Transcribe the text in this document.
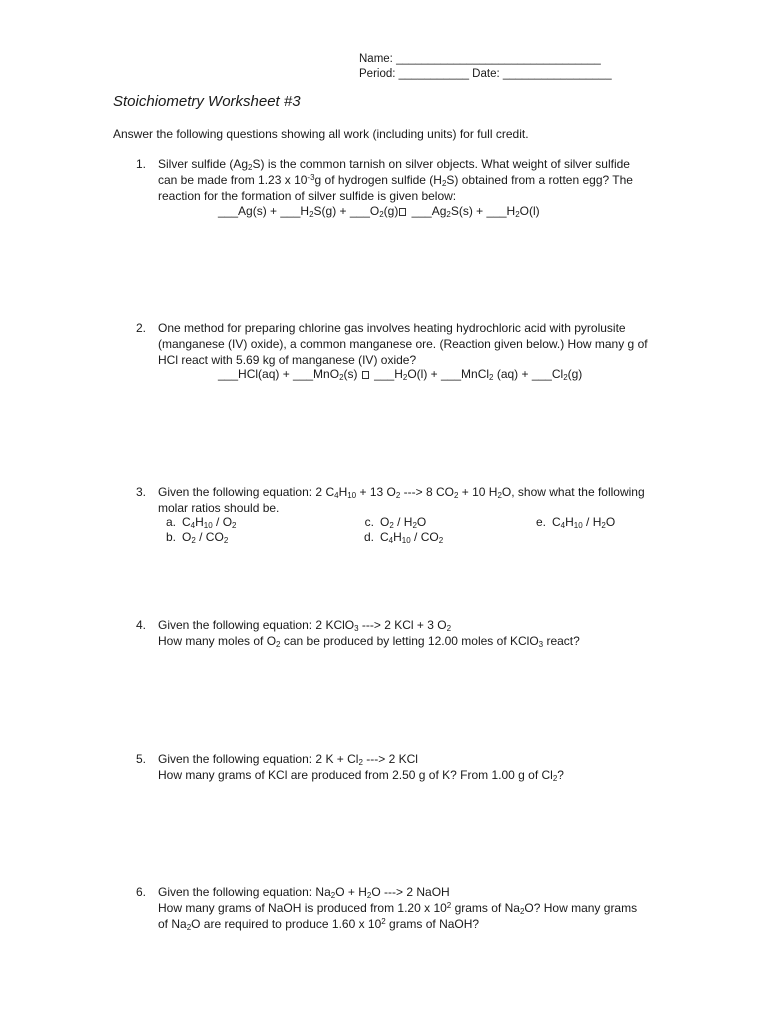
Name: ________________________________
Period: ___________ Date: _________________
Stoichiometry Worksheet #3
Answer the following questions showing all work (including units) for full credit.
1. Silver sulfide $(Ag_2S)$ is the common tarnish on silver objects. What weight of silver sulfide can be made from 1.23 x $10^{-3}g$ of hydrogen sulfide $(H_2S)$ obtained from a rotten egg? The reaction for the formation of silver sulfide is given below:
___Ag(s) + $\_\_\_H_2S(g)$ + $\_\_\_O_2(g)$ $\_\_\_Ag_2S(s)$ + $\_\_\_H_2O(l)$
2. One method for preparing chlorine gas involves heating hydrochloric acid with pyrolusite (manganese (IV) oxide), a common manganese ore. (Reaction given below.) How many g of HCl react with 5.69 kg of manganese (IV) oxide?
___HCl(aq) + ___MnO$_2$(s)  $\_\_\_H_2O(l)$ + ___MnCl$_2$ $(aq) + \_\_\_Cl_2(g)$
3. Given the following equation: 2 $C_4H_{10} + 13$ $O_2$ ---> 8 $CO_2 + 10$ $H_2O$, show what the following molar ratios should be.
a. $C_4H_{10} / O_2$
b. $O_2 / CO_2$
c. $O_2 / H_2O$
d. $C_4H_{10} / CO_2$
e. $C_4H_{10} / H_2O$
4. Given the following equation: 2 KClO$_3$ ---> 2 KCl + 3 $O_2$
How many moles of $O_2$ can be produced by letting 12.00 moles of KClO$_3$ react?
5. Given the following equation: 2 $K + Cl_2$ ---> 2 KCl
How many grams of KCl are produced from 2.50 g of K? From 1.00 g of $Cl_2$?
6. Given the following equation: $Na_2O + H_2O$ ---> 2 NaOH
How many grams of NaOH is produced from 1.20 x $10^2$ grams of $Na_2O$? How many grams of $Na_2O$ are required to produce 1.60 x $10^2$ grams of NaOH?
